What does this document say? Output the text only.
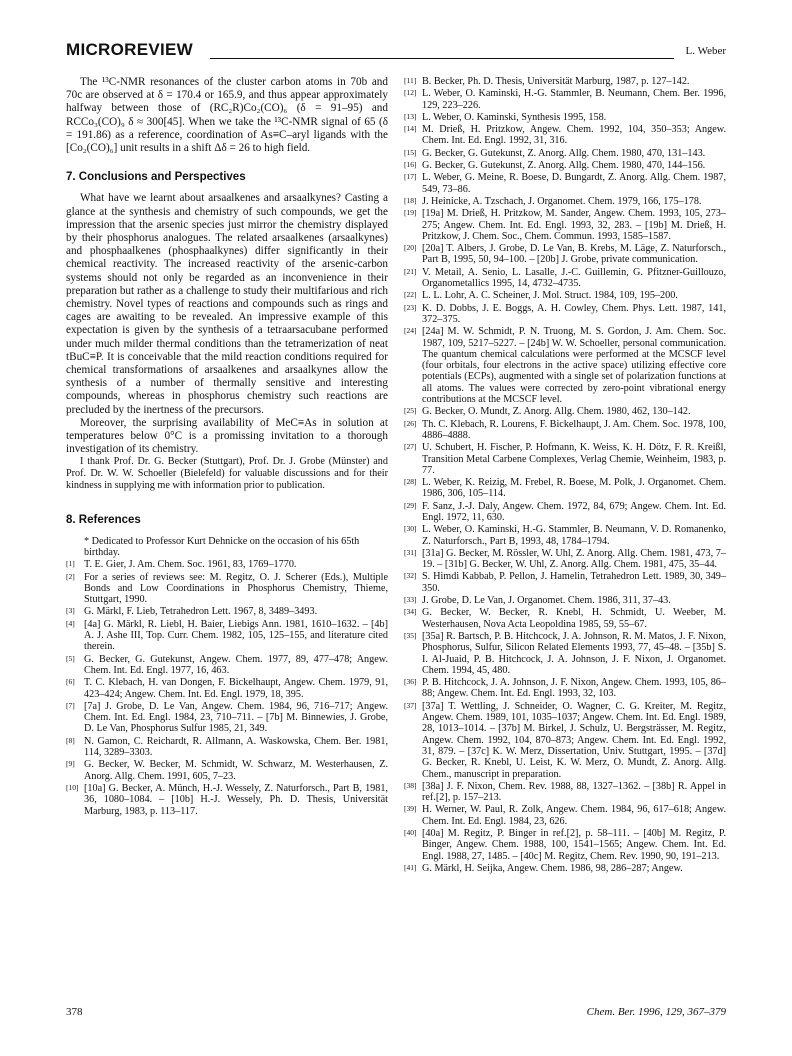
MICROREVIEW	L. Weber

The ¹³C-NMR resonances of the cluster carbon atoms in 70b and 70c are observed at δ = 170.4 or 165.9, and thus appear approximately halfway between those of (RC₂R)Co₂(CO)₆ (δ = 91–95) and RCCo₃(CO)₉ δ ≈ 300[45]. When we take the ¹³C-NMR signal of 65 (δ = 191.86) as a reference, coordination of As≡C–aryl ligands with the [Co₂(CO)₆] unit results in a shift Δδ = 26 to high field.

7. Conclusions and Perspectives

What have we learnt about arsaalkenes and arsaalkynes? Casting a glance at the synthesis and chemistry of such compounds, we get the impression that the arsenic species just mirror the chemistry displayed by their phosphorus analogues. The related arsaalkenes (arsaalkynes) and phosphaalkenes (phosphaalkynes) differ significantly in their chemical reactivity. The increased reactivity of the arsenic-carbon systems should not only be regarded as an inconvenience in their preparation but rather as a challenge to study their multifarious and rich chemistry. Novel types of reactions and compounds such as rings and cages are awaiting to be revealed. An impressive example of this expectation is given by the synthesis of a tetraarsacubane performed under much milder thermal conditions than the tetramerization of neat tBuC≡P. It is conceivable that the mild reaction conditions required for chemical transformations of arsaalkenes and arsaalkynes allow the synthesis of a number of thermally sensitive and interesting compounds, whereas in phosphorus chemistry such reactions are precluded by the inertness of the precursors.

Moreover, the surprising availability of MeC≡As in solution at temperatures below 0°C is a promissing invitation to a thorough investigation of its chemistry.

I thank Prof. Dr. G. Becker (Stuttgart), Prof. Dr. J. Grobe (Münster) and Prof. Dr. W. W. Schoeller (Bielefeld) for valuable discussions and for their kindness in supplying me with information prior to publication.

8. References
* Dedicated to Professor Kurt Dehnicke on the occasion of his 65th birthday.
[1] T. E. Gier, J. Am. Chem. Soc. 1961, 83, 1769–1770.
[2] For a series of reviews see: M. Regitz, O. J. Scherer (Eds.), Multiple Bonds and Low Coordinations in Phosphorus Chemistry, Thieme, Stuttgart, 1990.
[3] G. Märkl, F. Lieb, Tetrahedron Lett. 1967, 8, 3489–3493.
[4] [4a] G. Märkl, R. Liebl, H. Baier, Liebigs Ann. 1981, 1610–1632. – [4b] A. J. Ashe III, Top. Curr. Chem. 1982, 105, 125–155, and literature cited therein.
[5] G. Becker, G. Gutekunst, Angew. Chem. 1977, 89, 477–478; Angew. Chem. Int. Ed. Engl. 1977, 16, 463.
[6] T. C. Klebach, H. van Dongen, F. Bickelhaupt, Angew. Chem. 1979, 91, 423–424; Angew. Chem. Int. Ed. Engl. 1979, 18, 395.
[7] [7a] J. Grobe, D. Le Van, Angew. Chem. 1984, 96, 716–717; Angew. Chem. Int. Ed. Engl. 1984, 23, 710–711. – [7b] M. Binnewies, J. Grobe, D. Le Van, Phosphorus Sulfur 1985, 21, 349.
[8] N. Gamon, C. Reichardt, R. Allmann, A. Waskowska, Chem. Ber. 1981, 114, 3289–3303.
[9] G. Becker, W. Becker, M. Schmidt, W. Schwarz, M. Westerhausen, Z. Anorg. Allg. Chem. 1991, 605, 7–23.
[10] [10a] G. Becker, A. Münch, H.-J. Wessely, Z. Naturforsch., Part B, 1981, 36, 1080–1084. – [10b] H.-J. Wessely, Ph. D. Thesis, Universität Marburg, 1983, p. 113–117.
[11] B. Becker, Ph. D. Thesis, Universität Marburg, 1987, p. 127–142.
[12] L. Weber, O. Kaminski, H.-G. Stammler, B. Neumann, Chem. Ber. 1996, 129, 223–226.
[13] L. Weber, O. Kaminski, Synthesis 1995, 158.
[14] M. Drieß, H. Pritzkow, Angew. Chem. 1992, 104, 350–353; Angew. Chem. Int. Ed. Engl. 1992, 31, 316.
[15] G. Becker, G. Gutekunst, Z. Anorg. Allg. Chem. 1980, 470, 131–143.
[16] G. Becker, G. Gutekunst, Z. Anorg. Allg. Chem. 1980, 470, 144–156.
[17] L. Weber, G. Meine, R. Boese, D. Bungardt, Z. Anorg. Allg. Chem. 1987, 549, 73–86.
[18] J. Heinicke, A. Tzschach, J. Organomet. Chem. 1979, 166, 175–178.
[19] [19a] M. Drieß, H. Pritzkow, M. Sander, Angew. Chem. 1993, 105, 273–275; Angew. Chem. Int. Ed. Engl. 1993, 32, 283. – [19b] M. Drieß, H. Pritzkow, J. Chem. Soc., Chem. Commun. 1993, 1585–1587.
[20] [20a] T. Albers, J. Grobe, D. Le Van, B. Krebs, M. Läge, Z. Naturforsch., Part B, 1995, 50, 94–100. – [20b] J. Grobe, private communication.
[21] V. Metail, A. Senio, L. Lasalle, J.-C. Guillemin, G. Pfitzner-Guillouzo, Organometallics 1995, 14, 4732–4735.
[22] L. L. Lohr, A. C. Scheiner, J. Mol. Struct. 1984, 109, 195–200.
[23] K. D. Dobbs, J. E. Boggs, A. H. Cowley, Chem. Phys. Lett. 1987, 141, 372–375.
[24] [24a] M. W. Schmidt, P. N. Truong, M. S. Gordon, J. Am. Chem. Soc. 1987, 109, 5217–5227. – [24b] W. W. Schoeller, personal communication. The quantum chemical calculations were performed at the MCSCF level (four orbitals, four electrons in the active space) utilizing effective core potentials (ECPs), augmented with a single set of polarization functions at all atoms. The values were corrected by zero-point vibrational energy contributions at the MCSCF level.
[25] G. Becker, O. Mundt, Z. Anorg. Allg. Chem. 1980, 462, 130–142.
[26] Th. C. Klebach, R. Lourens, F. Bickelhaupt, J. Am. Chem. Soc. 1978, 100, 4886–4888.
[27] U. Schubert, H. Fischer, P. Hofmann, K. Weiss, K. H. Dötz, F. R. Kreißl, Transition Metal Carbene Complexes, Verlag Chemie, Weinheim, 1983, p. 77.
[28] L. Weber, K. Reizig, M. Frebel, R. Boese, M. Polk, J. Organomet. Chem. 1986, 306, 105–114.
[29] F. Sanz, J.-J. Daly, Angew. Chem. 1972, 84, 679; Angew. Chem. Int. Ed. Engl. 1972, 11, 630.
[30] L. Weber, O. Kaminski, H.-G. Stammler, B. Neumann, V. D. Romanenko, Z. Naturforsch., Part B, 1993, 48, 1784–1794.
[31] [31a] G. Becker, M. Rössler, W. Uhl, Z. Anorg. Allg. Chem. 1981, 473, 7–19. – [31b] G. Becker, W. Uhl, Z. Anorg. Allg. Chem. 1981, 475, 35–44.
[32] S. Himdi Kabbab, P. Pellon, J. Hamelin, Tetrahedron Lett. 1989, 30, 349–350.
[33] J. Grobe, D. Le Van, J. Organomet. Chem. 1986, 311, 37–43.
[34] G. Becker, W. Becker, R. Knebl, H. Schmidt, U. Weeber, M. Westerhausen, Nova Acta Leopoldina 1985, 59, 55–67.
[35] [35a] R. Bartsch, P. B. Hitchcock, J. A. Johnson, R. M. Matos, J. F. Nixon, Phosphorus, Sulfur, Silicon Related Elements 1993, 77, 45–48. – [35b] S. I. Al-Juaid, P. B. Hitchcock, J. A. Johnson, J. F. Nixon, J. Organomet. Chem. 1994, 45, 480.
[36] P. B. Hitchcock, J. A. Johnson, J. F. Nixon, Angew. Chem. 1993, 105, 86–88; Angew. Chem. Int. Ed. Engl. 1993, 32, 103.
[37] [37a] T. Wettling, J. Schneider, O. Wagner, C. G. Kreiter, M. Regitz, Angew. Chem. 1989, 101, 1035–1037; Angew. Chem. Int. Ed. Engl. 1989, 28, 1013–1014. – [37b] M. Birkel, J. Schulz, U. Bergsträsser, M. Regitz, Angew. Chem. 1992, 104, 870–873; Angew. Chem. Int. Ed. Engl. 1992, 31, 879. – [37c] K. W. Merz, Dissertation, Univ. Stuttgart, 1995. – [37d] G. Becker, R. Knebl, U. Leist, K. W. Merz, O. Mundt, Z. Anorg. Allg. Chem., manuscript in preparation.
[38] [38a] J. F. Nixon, Chem. Rev. 1988, 88, 1327–1362. – [38b] R. Appel in ref.[2], p. 157–213.
[39] H. Werner, W. Paul, R. Zolk, Angew. Chem. 1984, 96, 617–618; Angew. Chem. Int. Ed. Engl. 1984, 23, 626.
[40] [40a] M. Regitz, P. Binger in ref.[2], p. 58–111. – [40b] M. Regitz, P. Binger, Angew. Chem. 1988, 100, 1541–1565; Angew. Chem. Int. Ed. Engl. 1988, 27, 1485. – [40c] M. Regitz, Chem. Rev. 1990, 90, 191–213.
[41] G. Märkl, H. Seijka, Angew. Chem. 1986, 98, 286–287; Angew.
378	Chem. Ber. 1996, 129, 367–379
